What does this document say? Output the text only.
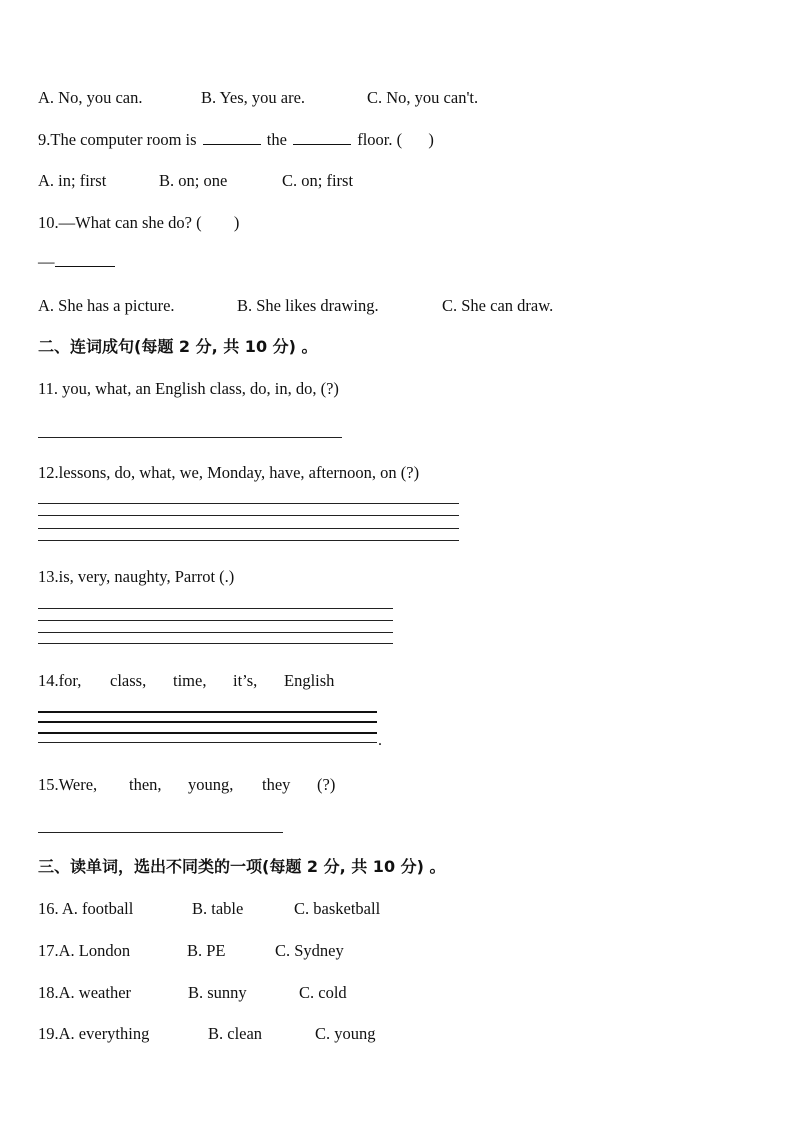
A. No, you can.	B. Yes, you are.	C. No, you can't.
9.The computer room is	the	floor. ( )
A. in; first	B. on; one	C. on; first
10.—What can she do? ( )
—
A. She has a picture.	B. She likes drawing.	C. She can draw.
二、连词成句(每题 2 分, 共 10 分) 。
11. you, what, an English class, do, in, do, (?)
12.lessons, do, what, we, Monday, have, afternoon, on (?)
13.is, very, naughty, Parrot (.)
14.for, class, time, it’s, English
.
15.Were, then, young, they (?)
三、读单词，选出不同类的一项(每题 2 分, 共 10 分) 。
16. A. football	B. table	C. basketball
17.A. London	B. PE	C. Sydney
18.A. weather	B. sunny	C. cold
19.A. everything	B. clean	C. young
